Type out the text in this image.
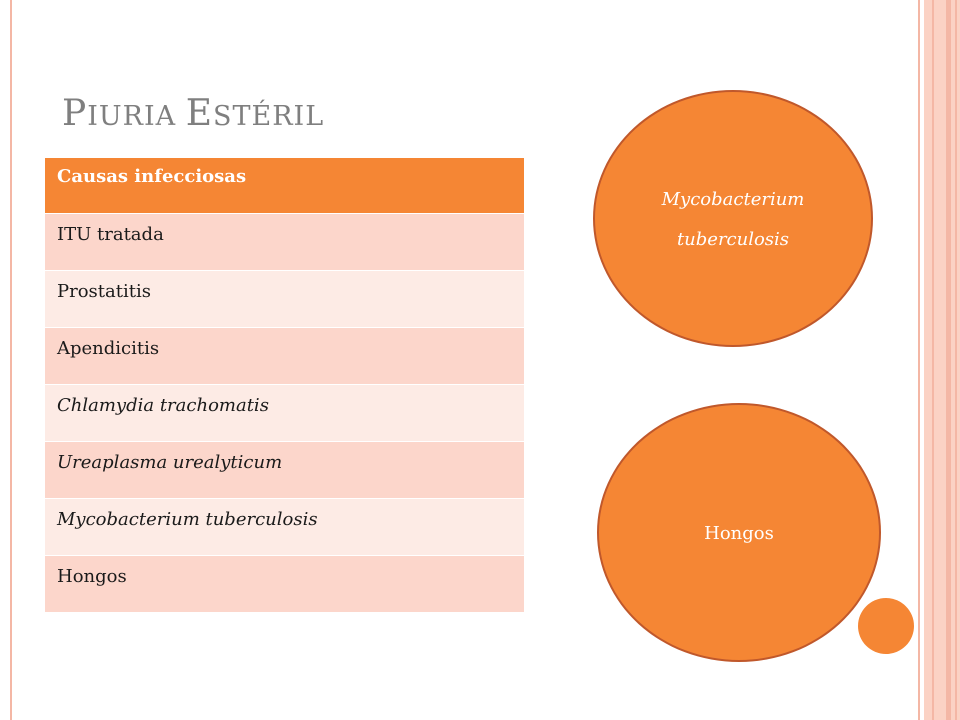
PIURIA ESTÉRIL
Causas infecciosas
ITU tratada
Prostatitis
Apendicitis
Chlamydia trachomatis
Ureaplasma urealyticum
Mycobacterium tuberculosis
Hongos
Mycobacterium
tuberculosis
Hongos
